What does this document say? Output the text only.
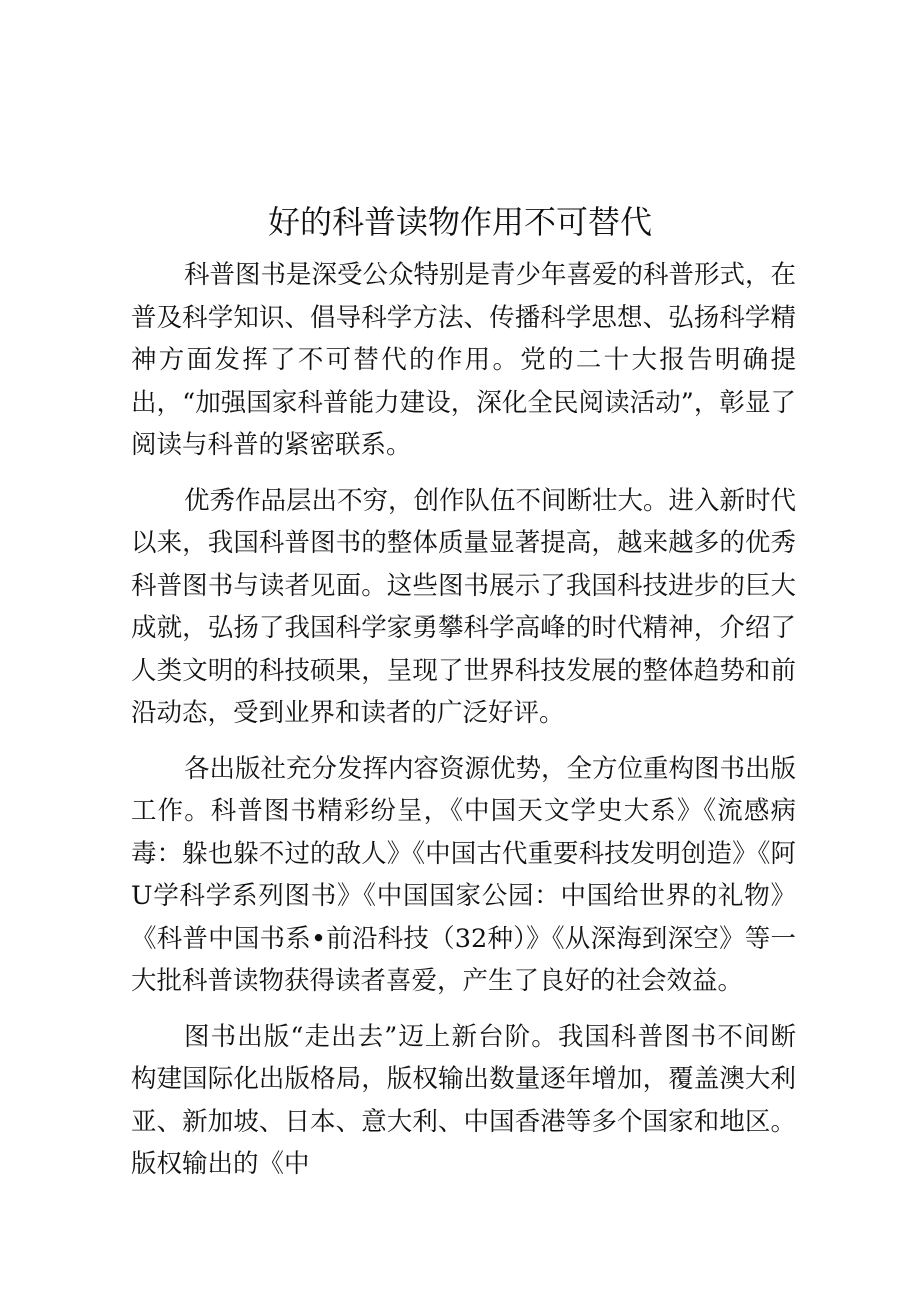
好的科普读物作用不可替代

科普图书是深受公众特别是青少年喜爱的科普形式，在普及科学知识、倡导科学方法、传播科学思想、弘扬科学精神方面发挥了不可替代的作用。党的二十大报告明确提出，“加强国家科普能力建设，深化全民阅读活动”，彰显了阅读与科普的紧密联系。

优秀作品层出不穷，创作队伍不间断壮大。进入新时代以来，我国科普图书的整体质量显著提高，越来越多的优秀科普图书与读者见面。这些图书展示了我国科技进步的巨大成就，弘扬了我国科学家勇攀科学高峰的时代精神，介绍了人类文明的科技硕果，呈现了世界科技发展的整体趋势和前沿动态，受到业界和读者的广泛好评。

各出版社充分发挥内容资源优势，全方位重构图书出版工作。科普图书精彩纷呈，《中国天文学史大系》《流感病毒：躲也躲不过的敌人》《中国古代重要科技发明创造》《阿U学科学系列图书》《中国国家公园：中国给世界的礼物》《科普中国书系•前沿科技（32种）》《从深海到深空》等一大批科普读物获得读者喜爱，产生了良好的社会效益。

图书出版“走出去”迈上新台阶。我国科普图书不间断构建国际化出版格局，版权输出数量逐年增加，覆盖澳大利亚、新加坡、日本、意大利、中国香港等多个国家和地区。版权输出的《中
